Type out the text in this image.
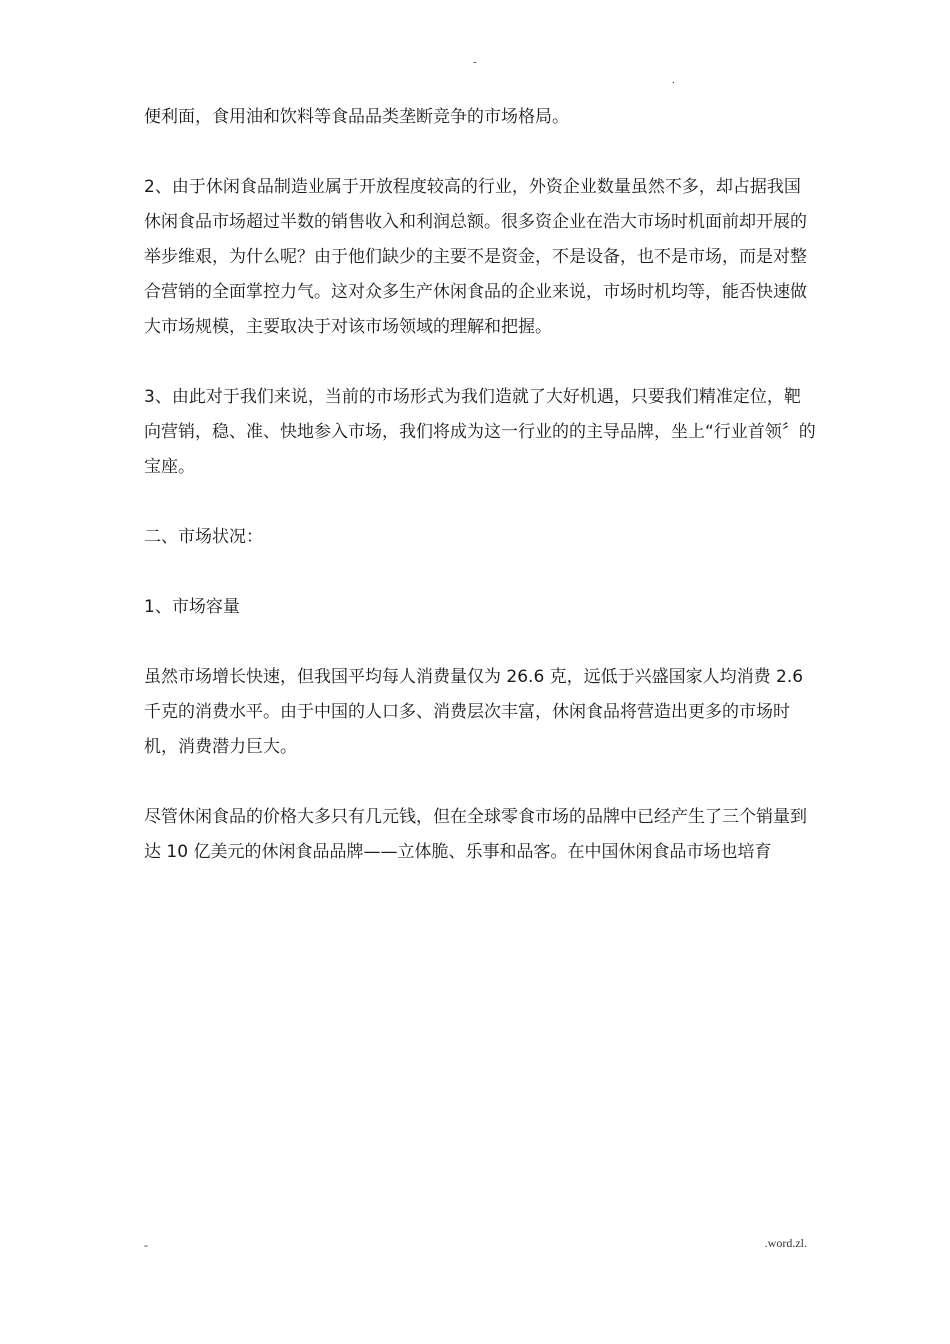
-
.

便利面，食用油和饮料等食品品类垄断竞争的市场格局。

2、由于休闲食品制造业属于开放程度较高的行业，外资企业数量虽然不多，却占据我国休闲食品市场超过半数的销售收入和利润总额。很多资企业在浩大市场时机面前却开展的举步维艰，为什么呢？由于他们缺少的主要不是资金，不是设备，也不是市场，而是对整合营销的全面掌控力气。这对众多生产休闲食品的企业来说，市场时机均等，能否快速做大市场规模，主要取决于对该市场领域的理解和把握。

3、由此对于我们来说，当前的市场形式为我们造就了大好机遇，只要我们精准定位，靶向营销，稳、准、快地参入市场，我们将成为这一行业的的主导品牌，坐上“行业首领〞的宝座。

二、市场状况：

1、市场容量

虽然市场增长快速，但我国平均每人消费量仅为 26.6 克，远低于兴盛国家人均消费 2.6 千克的消费水平。由于中国的人口多、消费层次丰富，休闲食品将营造出更多的市场时机，消费潜力巨大。

尽管休闲食品的价格大多只有几元钱，但在全球零食市场的品牌中已经产生了三个销量到达 10 亿美元的休闲食品品牌——立体脆、乐事和品客。在中国休闲食品市场也培育

-	.word.zl.
